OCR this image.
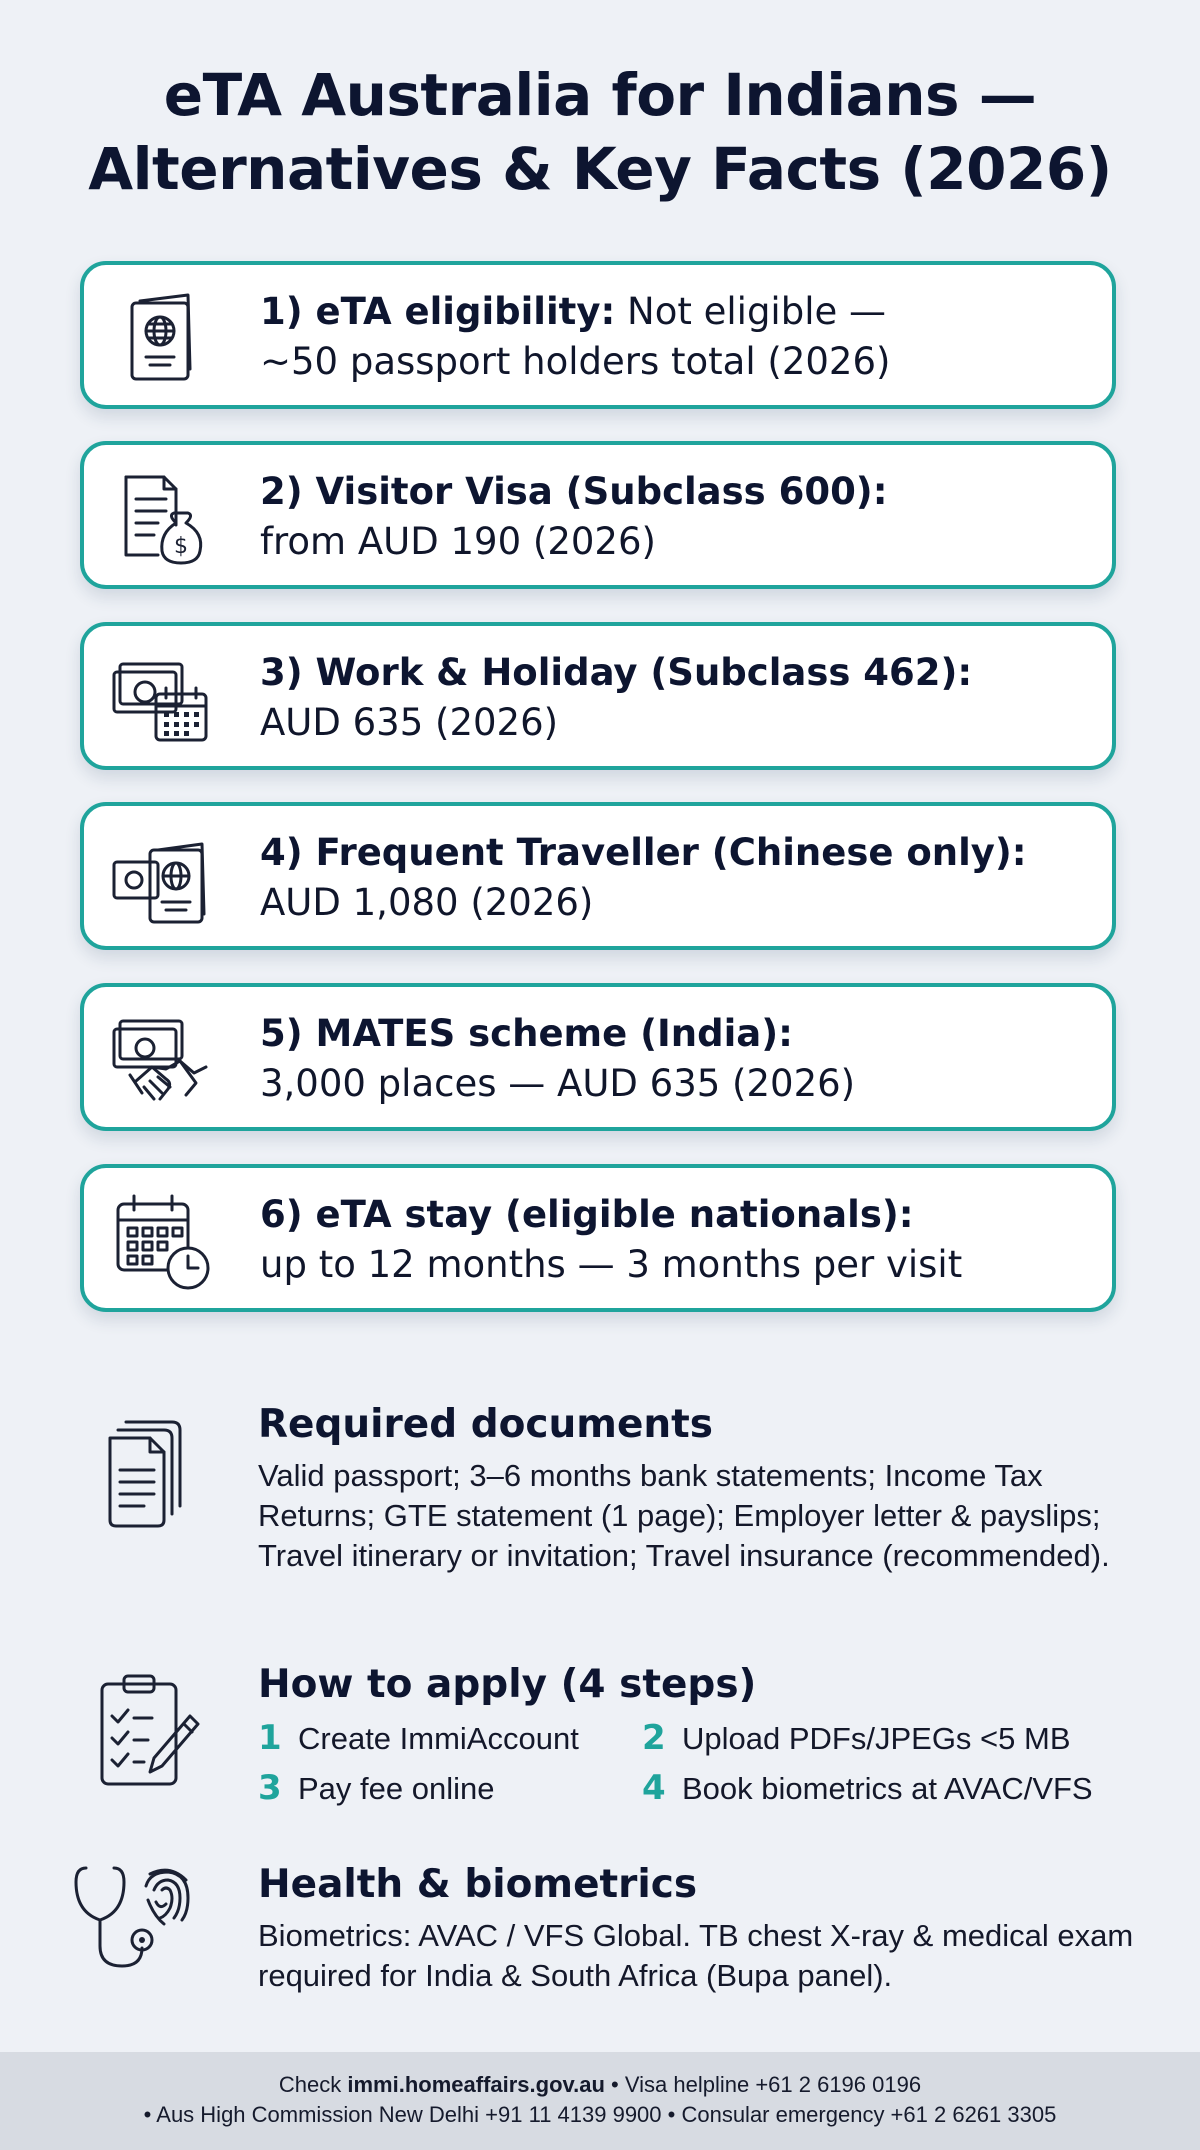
eTA Australia for Indians —
Alternatives & Key Facts (2026)
1) eTA eligibility: Not eligible —
~50 passport holders total (2026)
$
2) Visitor Visa (Subclass 600):
from AUD 190 (2026)
3) Work & Holiday (Subclass 462):
AUD 635 (2026)
4) Frequent Traveller (Chinese only):
AUD 1,080 (2026)
5) MATES scheme (India):
3,000 places — AUD 635 (2026)
6) eTA stay (eligible nationals):
up to 12 months — 3 months per visit
Required documents
Valid passport; 3–6 months bank statements; Income Tax Returns; GTE statement (1 page); Employer letter & payslips; Travel itinerary or invitation; Travel insurance (recommended).
How to apply (4 steps)
1 Create ImmiAccount 2 Upload PDFs/JPEGs <5 MB
3 Pay fee online	4 Book biometrics at AVAC/VFS
Health & biometrics
Biometrics: AVAC / VFS Global. TB chest X-ray & medical exam required for India & South Africa (Bupa panel).
Check immi.homeaffairs.gov.au • Visa helpline +61 2 6196 0196
• Aus High Commission New Delhi +91 11 4139 9900 • Consular emergency +61 2 6261 3305
